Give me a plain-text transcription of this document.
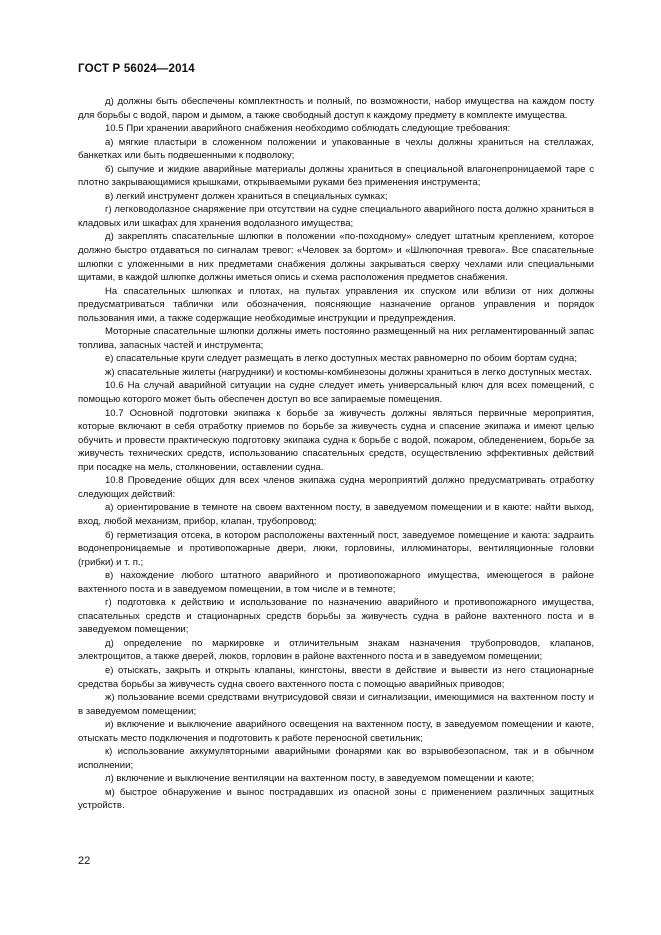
ГОСТ Р 56024—2014

д) должны быть обеспечены комплектность и полный, по возможности, набор имущества на каждом посту для борьбы с водой, паром и дымом, а также свободный доступ к каждому предмету в комплекте имущества.

10.5 При хранении аварийного снабжения необходимо соблюдать следующие требования:

а) мягкие пластыри в сложенном положении и упакованные в чехлы должны храниться на стеллажах, банкетках или быть подвешенными к подволоку;

б) сыпучие и жидкие аварийные материалы должны храниться в специальной влагонепроницаемой таре с плотно закрывающимися крышками, открываемыми руками без применения инструмента;

в) легкий инструмент должен храниться в специальных сумках;

г) легководолазное снаряжение при отсутствии на судне специального аварийного поста должно храниться в кладовых или шкафах для хранения водолазного имущества;

д) закреплять спасательные шлюпки в положении «по-походному» следует штатным креплением, которое должно быстро отдаваться по сигналам тревог: «Человек за бортом» и «Шлюпочная тревога». Все спасательные шлюпки с уложенными в них предметами снабжения должны закрываться сверху чехлами или специальными щитами, в каждой шлюпке должны иметься опись и схема расположения предметов снабжения.

На спасательных шлюпках и плотах, на пультах управления их спуском или вблизи от них должны предусматриваться таблички или обозначения, поясняющие назначение органов управления и порядок пользования ими, а также содержащие необходимые инструкции и предупреждения.

Моторные спасательные шлюпки должны иметь постоянно размещенный на них регламентированный запас топлива, запасных частей и инструмента;

е) спасательные круги следует размещать в легко доступных местах равномерно по обоим бортам судна;

ж) спасательные жилеты (нагрудники) и костюмы-комбинезоны должны храниться в легко доступных местах.

10.6 На случай аварийной ситуации на судне следует иметь универсальный ключ для всех помещений, с помощью которого может быть обеспечен доступ во все запираемые помещения.

10.7 Основной подготовки экипажа к борьбе за живучесть должны являться первичные мероприятия, которые включают в себя отработку приемов по борьбе за живучесть судна и спасение экипажа и имеют целью обучить и провести практическую подготовку экипажа судна к борьбе с водой, пожаром, обледенением, борьбе за живучесть технических средств, использованию спасательных средств, осуществлению эффективных действий при посадке на мель, столкновении, оставлении судна.

10.8 Проведение общих для всех членов экипажа судна мероприятий должно предусматривать отработку следующих действий:

а) ориентирование в темноте на своем вахтенном посту, в заведуемом помещении и в каюте: найти выход, вход, любой механизм, прибор, клапан, трубопровод;

б) герметизация отсека, в котором расположены вахтенный пост, заведуемое помещение и каюта: задраить водонепроницаемые и противопожарные двери, люки, горловины, иллюминаторы, вентиляционные головки (грибки) и т. п.;

в) нахождение любого штатного аварийного и противопожарного имущества, имеющегося в районе вахтенного поста и в заведуемом помещении, в том числе и в темноте;

г) подготовка к действию и использование по назначению аварийного и противопожарного имущества, спасательных средств и стационарных средств борьбы за живучесть судна в районе вахтенного поста и в заведуемом помещении;

д) определение по маркировке и отличительным знакам назначения трубопроводов, клапанов, электрощитов, а также дверей, люков, горловин в районе вахтенного поста и в заведуемом помещении;

е) отыскать, закрыть и открыть клапаны, кингстоны, ввести в действие и вывести из него стационарные средства борьбы за живучесть судна своего вахтенного поста с помощью аварийных приводов;

ж) пользование всеми средствами внутрисудовой связи и сигнализации, имеющимися на вахтенном посту и в заведуемом помещении;

и) включение и выключение аварийного освещения на вахтенном посту, в заведуемом помещении и каюте, отыскать место подключения и подготовить к работе переносной светильник;

к) использование аккумуляторными аварийными фонарями как во взрывобезопасном, так и в обычном исполнении;

л) включение и выключение вентиляции на вахтенном посту, в заведуемом помещении и каюте;

м) быстрое обнаружение и вынос пострадавших из опасной зоны с применением различных защитных устройств.

22
